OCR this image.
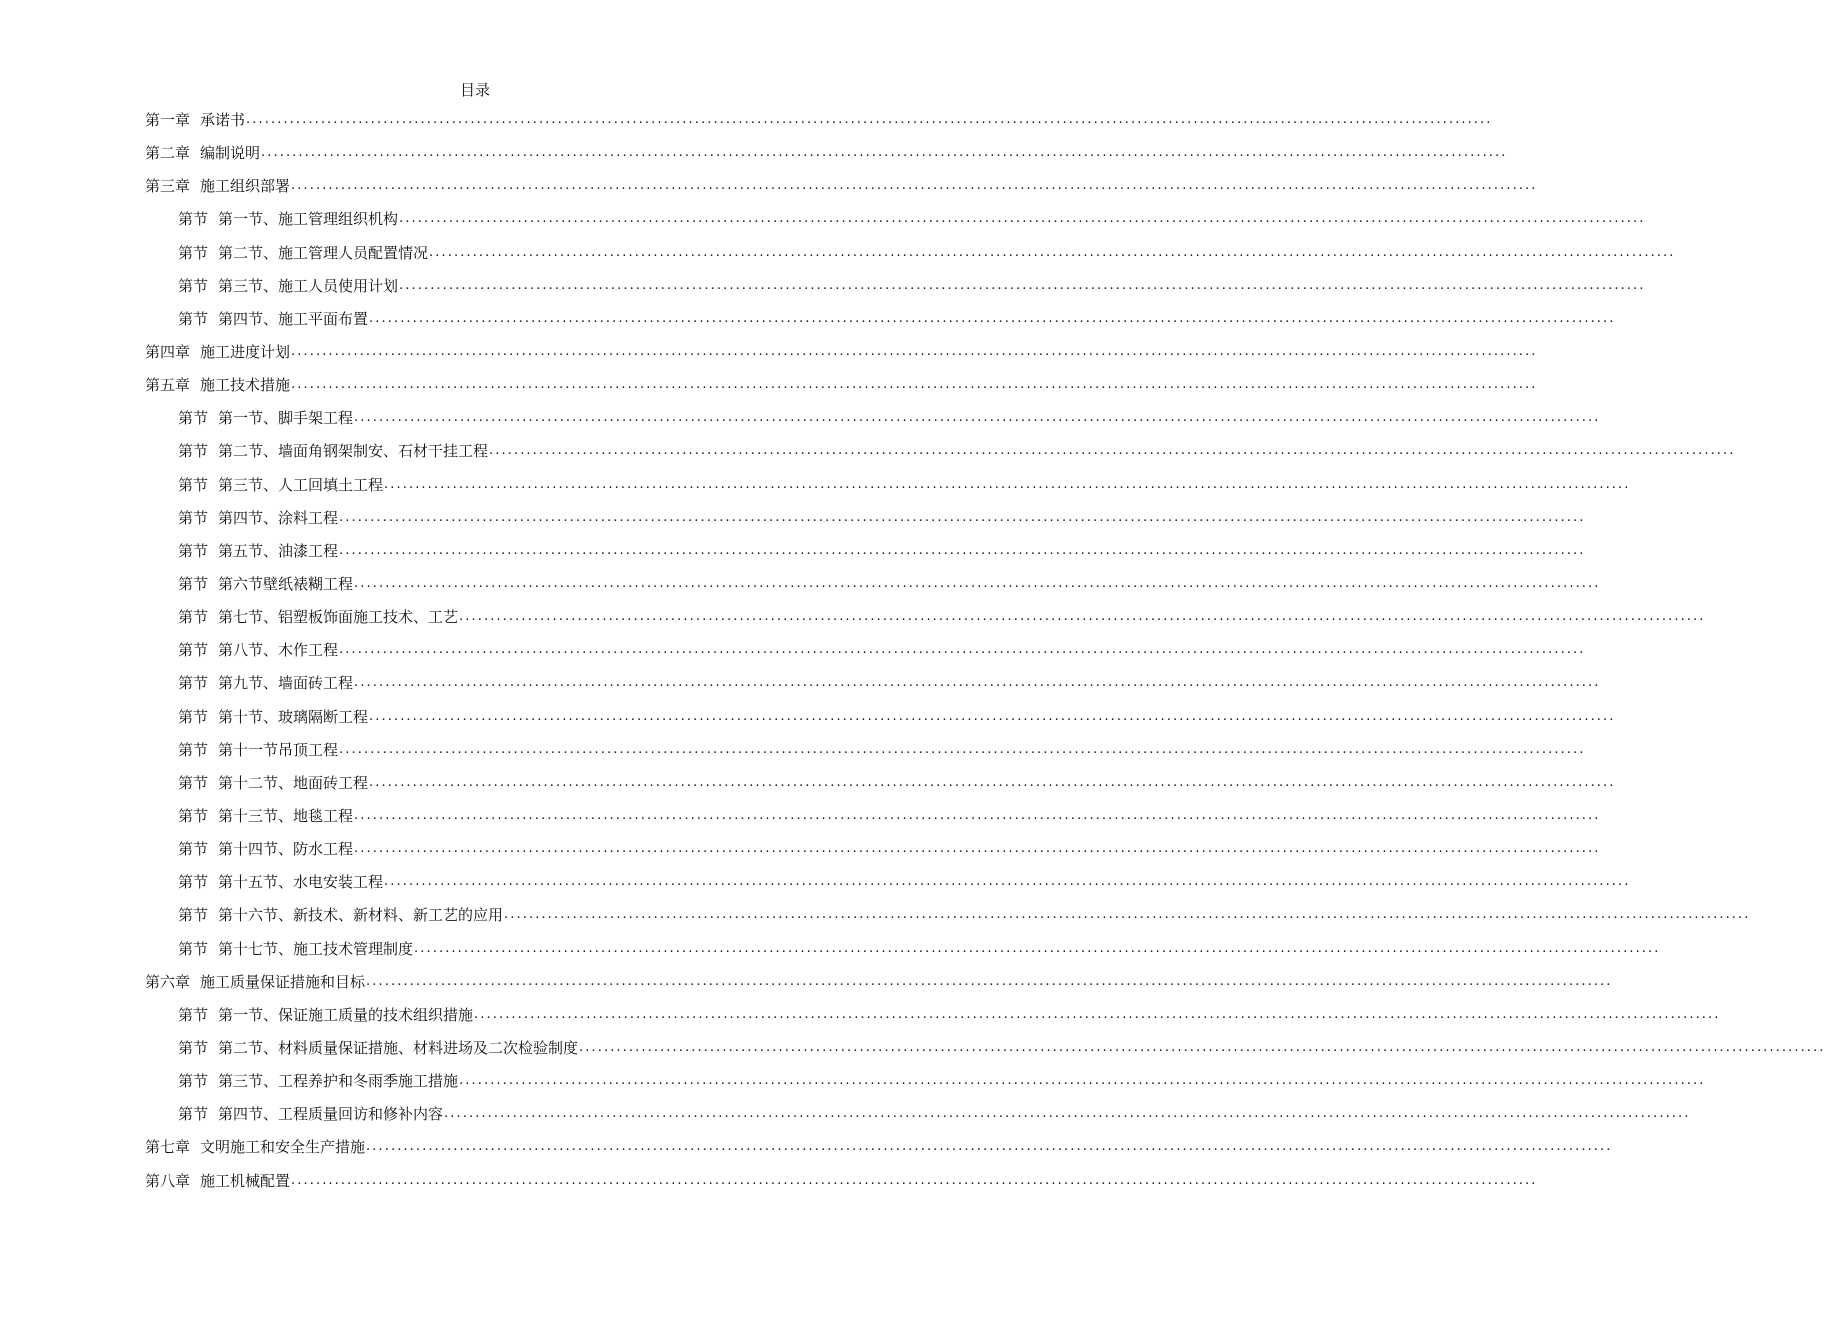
目录
第一章 承诺书 ........................................................................................................................................................................................................
第二章 编制说明 ........................................................................................................................................................................................................
第三章 施工组织部署 ........................................................................................................................................................................................................
第节 第一节、施工管理组织机构 ........................................................................................................................................................................................................
第节 第二节、施工管理人员配置情况 ........................................................................................................................................................................................................
第节 第三节、施工人员使用计划 ........................................................................................................................................................................................................
第节 第四节、施工平面布置 ........................................................................................................................................................................................................
第四章 施工进度计划 ........................................................................................................................................................................................................
第五章 施工技术措施 ........................................................................................................................................................................................................
第节 第一节、脚手架工程 ........................................................................................................................................................................................................
第节 第二节、墙面角钢架制安、石材干挂工程 ........................................................................................................................................................................................................
第节 第三节、人工回填土工程 ........................................................................................................................................................................................................
第节 第四节、涂料工程 ........................................................................................................................................................................................................
第节 第五节、油漆工程 ........................................................................................................................................................................................................
第节 第六节壁纸裱糊工程 ........................................................................................................................................................................................................
第节 第七节、铝塑板饰面施工技术、工艺 ........................................................................................................................................................................................................
第节 第八节、木作工程 ........................................................................................................................................................................................................
第节 第九节、墙面砖工程 ........................................................................................................................................................................................................
第节 第十节、玻璃隔断工程 ........................................................................................................................................................................................................
第节 第十一节吊顶工程 ........................................................................................................................................................................................................
第节 第十二节、地面砖工程 ........................................................................................................................................................................................................
第节 第十三节、地毯工程 ........................................................................................................................................................................................................
第节 第十四节、防水工程 ........................................................................................................................................................................................................
第节 第十五节、水电安装工程 ........................................................................................................................................................................................................
第节 第十六节、新技术、新材料、新工艺的应用 ........................................................................................................................................................................................................
第节 第十七节、施工技术管理制度 ........................................................................................................................................................................................................
第六章 施工质量保证措施和目标 ........................................................................................................................................................................................................
第节 第一节、保证施工质量的技术组织措施 ........................................................................................................................................................................................................
第节 第二节、材料质量保证措施、材料进场及二次检验制度 ........................................................................................................................................................................................................
第节 第三节、工程养护和冬雨季施工措施 ........................................................................................................................................................................................................
第节 第四节、工程质量回访和修补内容 ........................................................................................................................................................................................................
第七章 文明施工和安全生产措施 ........................................................................................................................................................................................................
第八章 施工机械配置 ........................................................................................................................................................................................................
